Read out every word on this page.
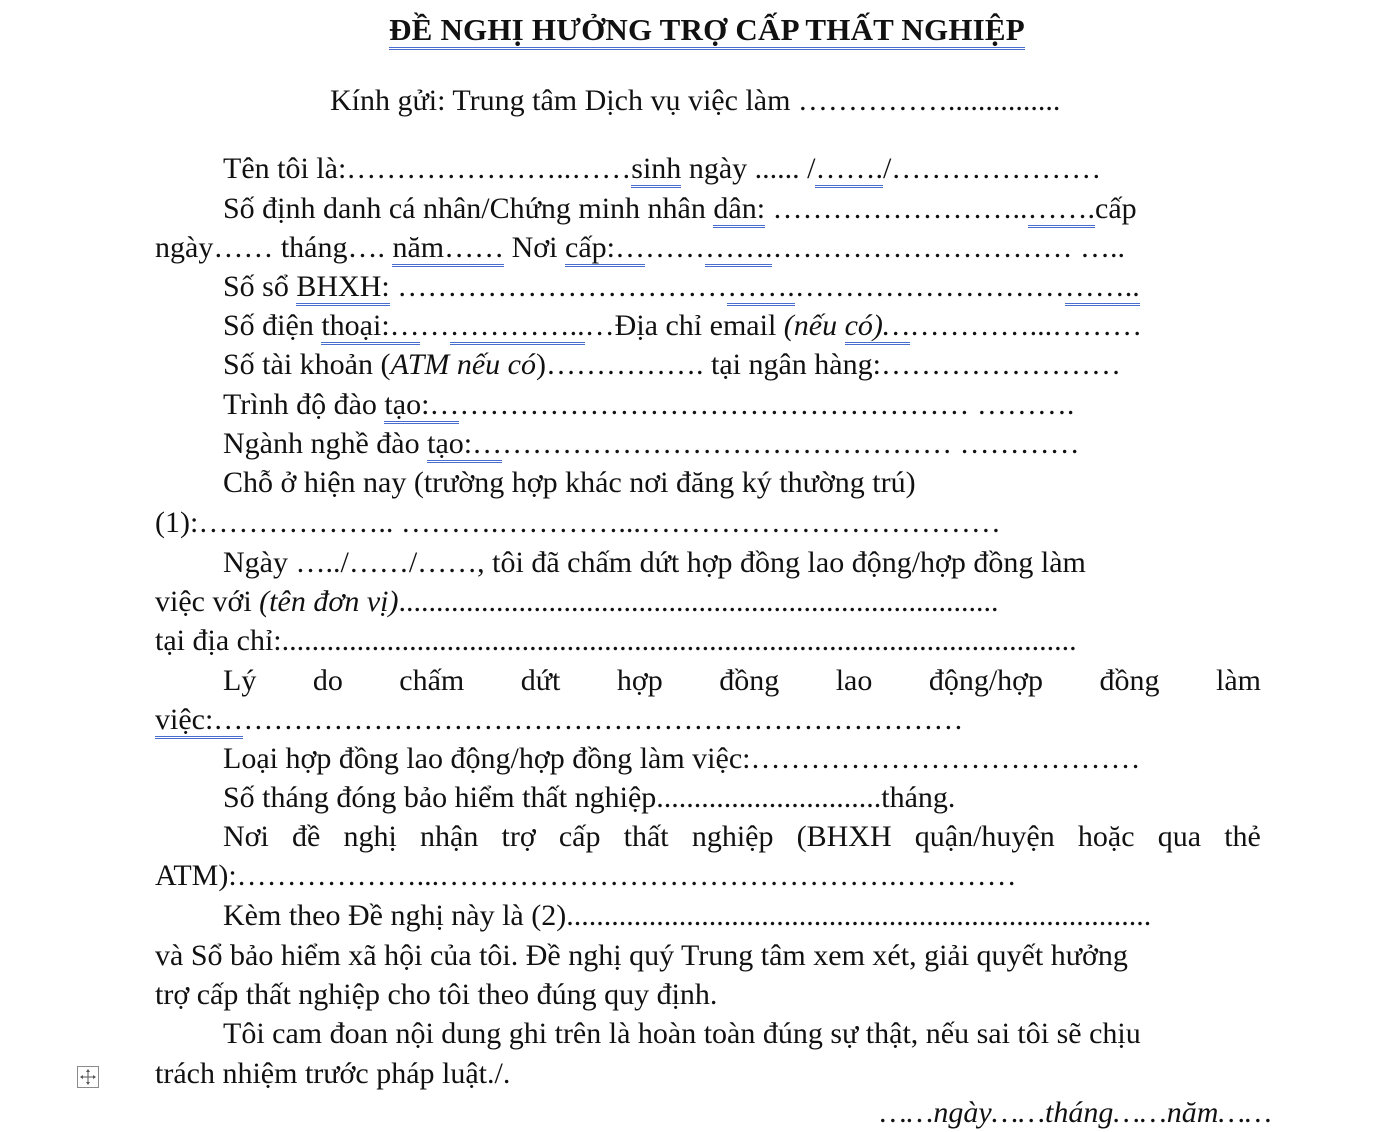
ĐỀ NGHỊ HƯỞNG TRỢ CẤP THẤT NGHIỆP
Kính gửi: Trung tâm Dịch vụ việc làm ……………...............
Tên tôi là:…………………..……sinh ngày ...... /……./…………………
Số định danh cá nhân/Chứng minh nhân dân: ……………………..…….cấp
ngày…… tháng…. năm…… Nơi cấp:…………….………………………… …..
Số sổ BHXH: ………………………………….……………………………..
Số điện thoại:………………..…Địa chỉ email (nếu có)……………...………
Số tài khoản (ATM nếu có)……………. tại ngân hàng:……………………
Trình độ đào tạo:……………………………………………… ……….
Ngành nghề đào tạo:………………………………………… …………
Chỗ ở hiện nay (trường hợp khác nơi đăng ký thường trú)
(1):……………….. ……….…………...………………………………
Ngày …../……/……, tôi đã chấm dứt hợp đồng lao động/hợp đồng làm
việc với (tên đơn vị)................................................................................
tại địa chỉ:..........................................................................................................
Lý do chấm dứt hợp đồng lao động/hợp đồng làm
việc:…………………………………………………………………
Loại hợp đồng lao động/hợp đồng làm việc:…………………………………
Số tháng đóng bảo hiểm thất nghiệp..............................tháng.
Nơi đề nghị nhận trợ cấp thất nghiệp (BHXH quận/huyện hoặc qua thẻ
ATM):………………...……………………………………….…………
Kèm theo Đề nghị này là (2)..............................................................................
và Sổ bảo hiểm xã hội của tôi. Đề nghị quý Trung tâm xem xét, giải quyết hưởng
trợ cấp thất nghiệp cho tôi theo đúng quy định.
Tôi cam đoan nội dung ghi trên là hoàn toàn đúng sự thật, nếu sai tôi sẽ chịu
trách nhiệm trước pháp luật./.
……ngày……tháng……năm……
